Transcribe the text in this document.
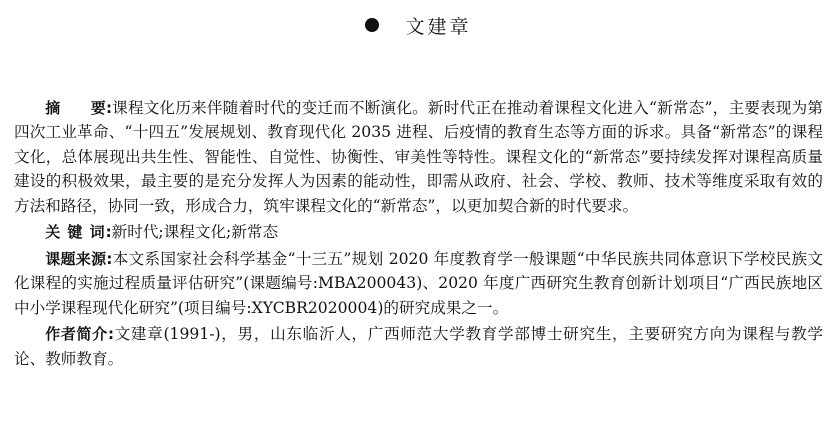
文建章

摘　　要:课程文化历来伴随着时代的变迁而不断演化。新时代正在推动着课程文化进入“新常态”，主要表现为第四次工业革命、“十四五”发展规划、教育现代化 2035 进程、后疫情的教育生态等方面的诉求。具备“新常态”的课程文化，总体展现出共生性、智能性、自觉性、协衡性、审美性等特性。课程文化的“新常态”要持续发挥对课程高质量建设的积极效果，最主要的是充分发挥人为因素的能动性，即需从政府、社会、学校、教师、技术等维度采取有效的方法和路径，协同一致，形成合力，筑牢课程文化的“新常态”，以更加契合新的时代要求。

关 键 词:新时代;课程文化;新常态

课题来源:本文系国家社会科学基金“十三五”规划 2020 年度教育学一般课题“中华民族共同体意识下学校民族文化课程的实施过程质量评估研究”(课题编号:MBA200043)、2020 年度广西研究生教育创新计划项目“广西民族地区中小学课程现代化研究”(项目编号:XYCBR2020004)的研究成果之一。

作者简介:文建章(1991-)，男，山东临沂人，广西师范大学教育学部博士研究生，主要研究方向为课程与教学论、教师教育。
